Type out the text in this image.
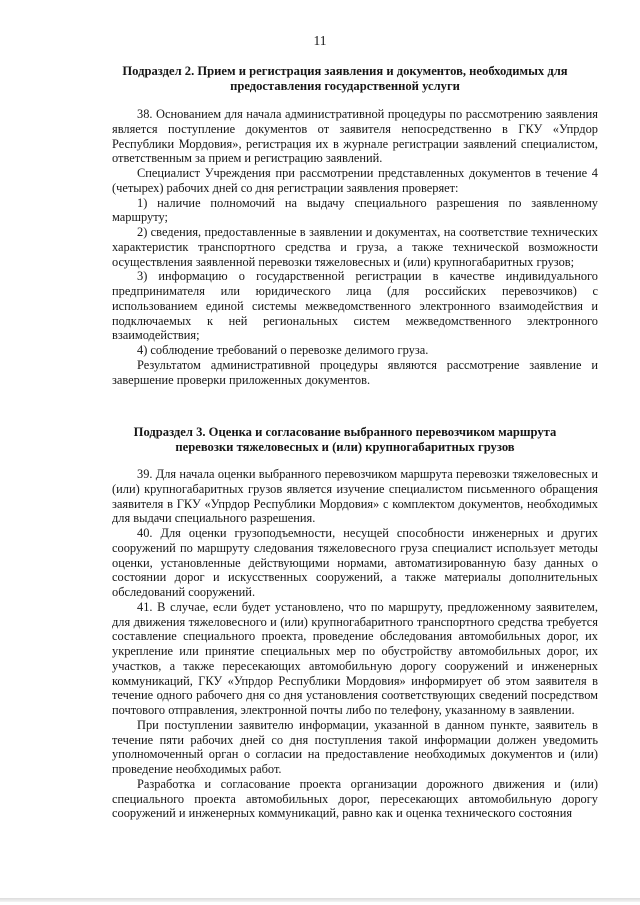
11
Подраздел 2. Прием и регистрация заявления и документов, необходимых для
предоставления государственной услуги

38. Основанием для начала административной процедуры по рассмотрению заявления является поступление документов от заявителя непосредственно в ГКУ «Упрдор Республики Мордовия», регистрация их в журнале регистрации заявлений специалистом, ответственным за прием и регистрацию заявлений.

Специалист Учреждения при рассмотрении представленных документов в течение 4 (четырех) рабочих дней со дня регистрации заявления проверяет:

1) наличие полномочий на выдачу специального разрешения по заявленному маршруту;

2) сведения, предоставленные в заявлении и документах, на соответствие технических характеристик транспортного средства и груза, а также технической возможности осуществления заявленной перевозки тяжеловесных и (или) крупногабаритных грузов;

3) информацию о государственной регистрации в качестве индивидуального предпринимателя или юридического лица (для российских перевозчиков) с использованием единой системы межведомственного электронного взаимодействия и подключаемых к ней региональных систем межведомственного электронного взаимодействия;

4) соблюдение требований о перевозке делимого груза.

Результатом административной процедуры являются рассмотрение заявление и завершение проверки приложенных документов.

Подраздел 3. Оценка и согласование выбранного перевозчиком маршрута
перевозки тяжеловесных и (или) крупногабаритных грузов

39. Для начала оценки выбранного перевозчиком маршрута перевозки тяжеловесных и (или) крупногабаритных грузов является изучение специалистом письменного обращения заявителя в ГКУ «Упрдор Республики Мордовия» с комплектом документов, необходимых для выдачи специального разрешения.

40. Для оценки грузоподъемности, несущей способности инженерных и других сооружений по маршруту следования тяжеловесного груза специалист использует методы оценки, установленные действующими нормами, автоматизированную базу данных о состоянии дорог и искусственных сооружений, а также материалы дополнительных обследований сооружений.

41. В случае, если будет установлено, что по маршруту, предложенному заявителем, для движения тяжеловесного и (или) крупногабаритного транспортного средства требуется составление специального проекта, проведение обследования автомобильных дорог, их укрепление или принятие специальных мер по обустройству автомобильных дорог, их участков, а также пересекающих автомобильную дорогу сооружений и инженерных коммуникаций, ГКУ «Упрдор Республики Мордовия» информирует об этом заявителя в течение одного рабочего дня со дня установления соответствующих сведений посредством почтового отправления, электронной почты либо по телефону, указанному в заявлении.

При поступлении заявителю информации, указанной в данном пункте, заявитель в течение пяти рабочих дней со дня поступления такой информации должен уведомить уполномоченный орган о согласии на предоставление необходимых документов и (или) проведение необходимых работ.

Разработка и согласование проекта организации дорожного движения и (или) специального проекта автомобильных дорог, пересекающих автомобильную дорогу сооружений и инженерных коммуникаций, равно как и оценка технического состояния
